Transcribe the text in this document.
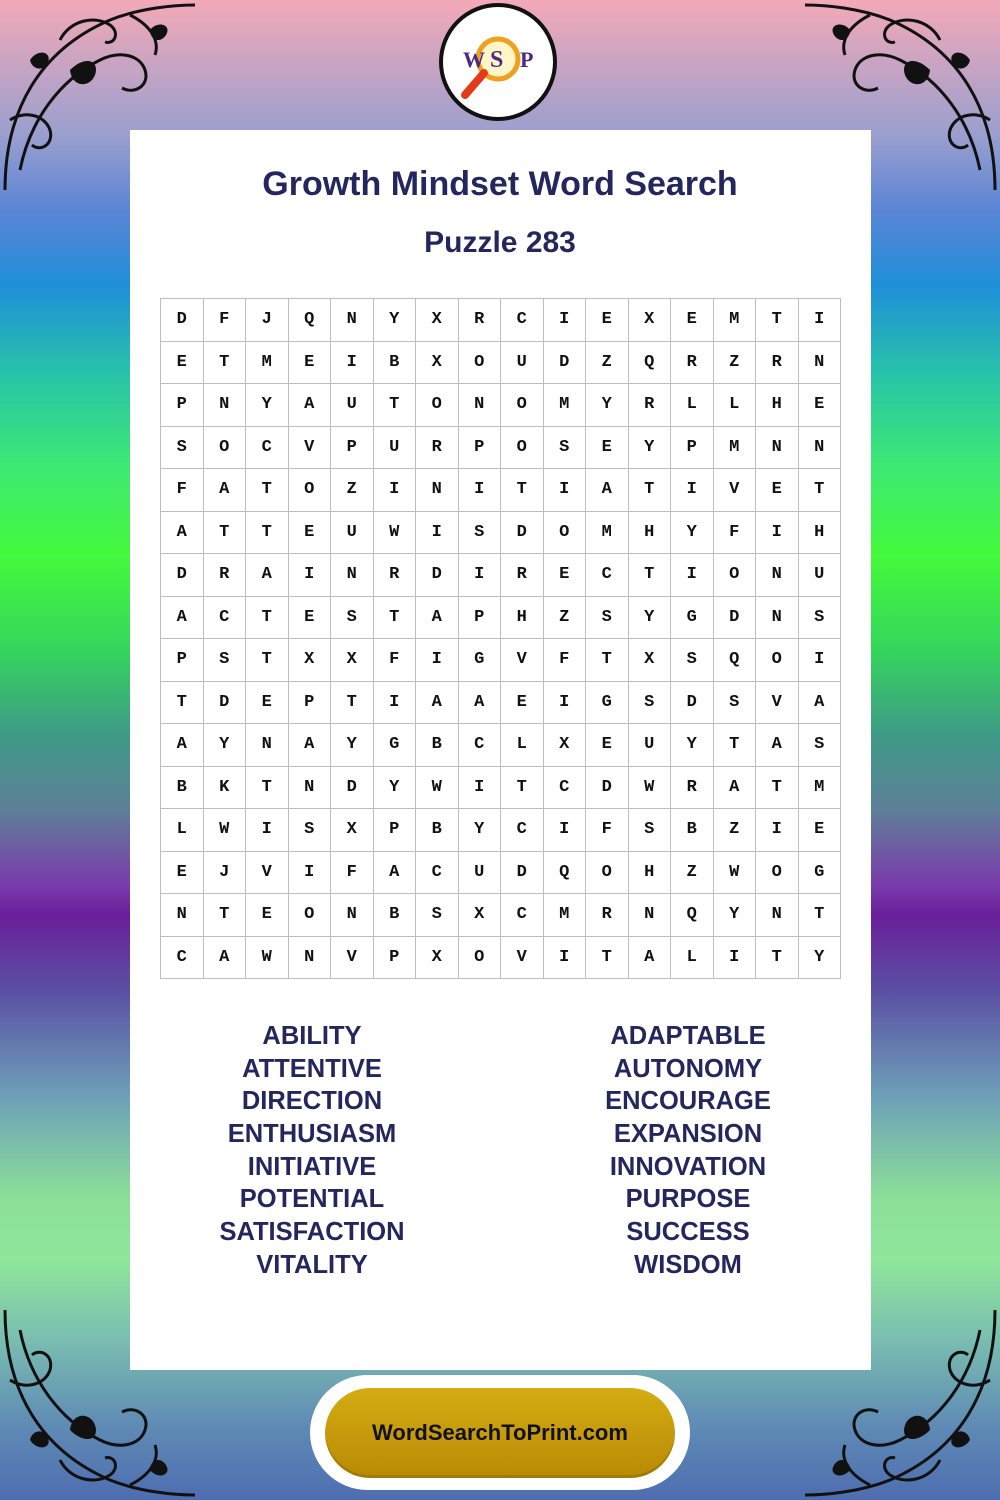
W S P
Growth Mindset Word Search
Puzzle 283
D	F	J	Q	N	Y	X	R	C	I	E	X	E	M	T	I
E	T	M	E	I	B	X	O	U	D	Z	Q	R	Z	R	N
P	N	Y	A	U	T	O	N	O	M	Y	R	L	L	H	E
S	O	C	V	P	U	R	P	O	S	E	Y	P	M	N	N
F	A	T	O	Z	I	N	I	T	I	A	T	I	V	E	T
A	T	T	E	U	W	I	S	D	O	M	H	Y	F	I	H
D	R	A	I	N	R	D	I	R	E	C	T	I	O	N	U
A	C	T	E	S	T	A	P	H	Z	S	Y	G	D	N	S
P	S	T	X	X	F	I	G	V	F	T	X	S	Q	O	I
T	D	E	P	T	I	A	A	E	I	G	S	D	S	V	A
A	Y	N	A	Y	G	B	C	L	X	E	U	Y	T	A	S
B	K	T	N	D	Y	W	I	T	C	D	W	R	A	T	M
L	W	I	S	X	P	B	Y	C	I	F	S	B	Z	I	E
E	J	V	I	F	A	C	U	D	Q	O	H	Z	W	O	G
N	T	E	O	N	B	S	X	C	M	R	N	Q	Y	N	T
C	A	W	N	V	P	X	O	V	I	T	A	L	I	T	Y
ABILITY
ATTENTIVE
DIRECTION
ENTHUSIASM
INITIATIVE
POTENTIAL
SATISFACTION
VITALITY
ADAPTABLE
AUTONOMY
ENCOURAGE
EXPANSION
INNOVATION
PURPOSE
SUCCESS
WISDOM
WordSearchToPrint.com
